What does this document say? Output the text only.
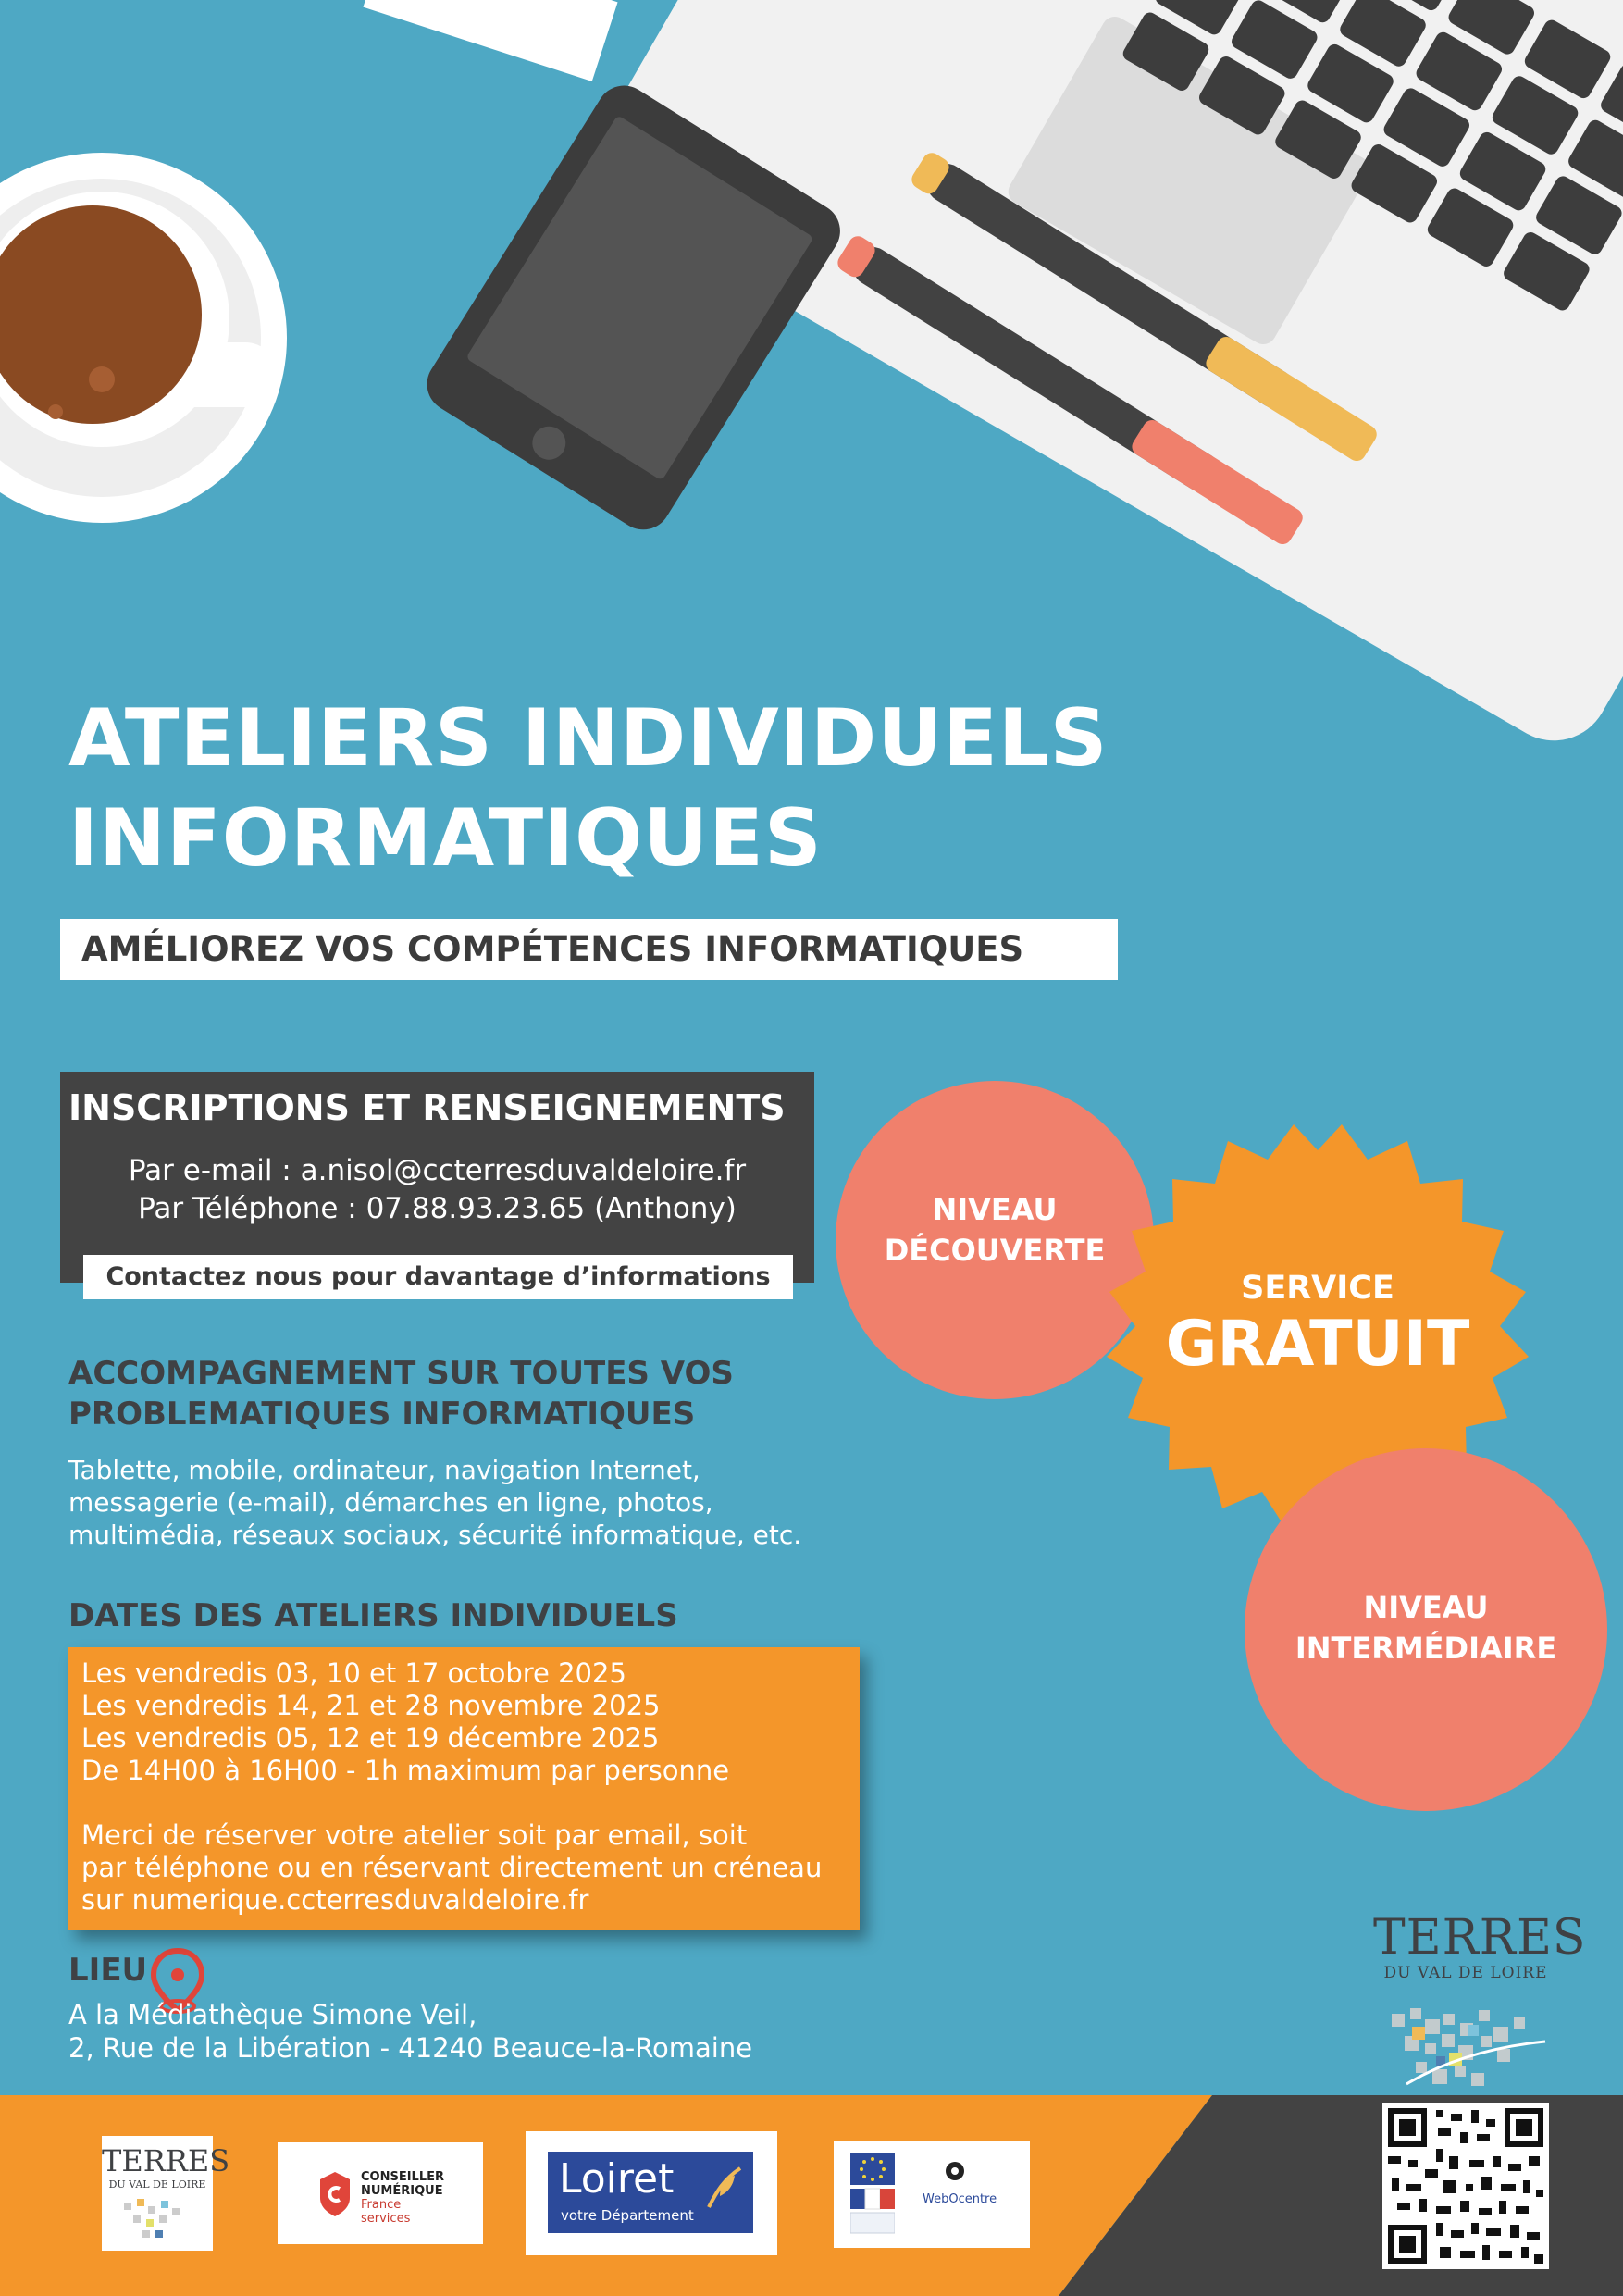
ATELIERS INDIVIDUELS
INFORMATIQUES
AMÉLIOREZ VOS COMPÉTENCES INFORMATIQUES
INSCRIPTIONS ET RENSEIGNEMENTS
Par e-mail : a.nisol@ccterresduvaldeloire.fr
Par Téléphone : 07.88.93.23.65 (Anthony)
Contactez nous pour davantage d’informations
ACCOMPAGNEMENT SUR TOUTES VOS
PROBLEMATIQUES INFORMATIQUES
Tablette, mobile, ordinateur, navigation Internet,
messagerie (e-mail), démarches en ligne, photos,
multimédia, réseaux sociaux, sécurité informatique, etc.
DATES DES ATELIERS INDIVIDUELS
Les vendredis 03, 10 et 17 octobre 2025
Les vendredis 14, 21 et 28 novembre 2025
Les vendredis 05, 12 et 19 décembre 2025
De 14H00 à 16H00 - 1h maximum par personne
Merci de réserver votre atelier soit par email, soit
par téléphone ou en réservant directement un créneau
sur numerique.ccterresduvaldeloire.fr
LIEU
A la Médiathèque Simone Veil,
2, Rue de la Libération - 41240 Beauce-la-Romaine
NIVEAU
DÉCOUVERTE
SERVICE
GRATUIT
NIVEAU
INTERMÉDIAIRE
TERRES
DU VAL DE LOIRE
TERRES
DU VAL DE LOIRE
CONSEILLER
NUMÉRIQUE
France services
Loiret
votre Département
WebOcentre
